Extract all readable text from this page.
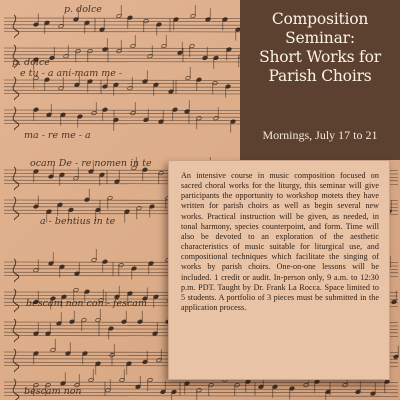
p. dolce
p. dolce
e tu - a ani-mam me -
ma - re me - a
ocam De - re nomen in te
a - bentius in te
bescam non con - fescam
bescam non
Composition
Seminar:
Short Works for
Parish Choirs
Mornings, July 17 to 21

An intensive course in music composition focused on sacred choral works for the liturgy, this seminar will give participants the opportunity to workshop motets they have written for parish choirs as well as begin several new works. Practical instruction will be given, as needed, in tonal harmony, species counterpoint, and form. Time will also be devoted to an exploration of the aesthetic characteristics of music suitable for liturgical use, and compositional techniques which facilitate the singing of works by parish choirs. One-on-one lessons will be included. 1 credit or audit. In-person only, 9 a.m. to 12:30 p.m. PDT. Taught by Dr. Frank La Rocca. Space limited to 5 students. A portfolio of 3 pieces must be submitted in the application process.
